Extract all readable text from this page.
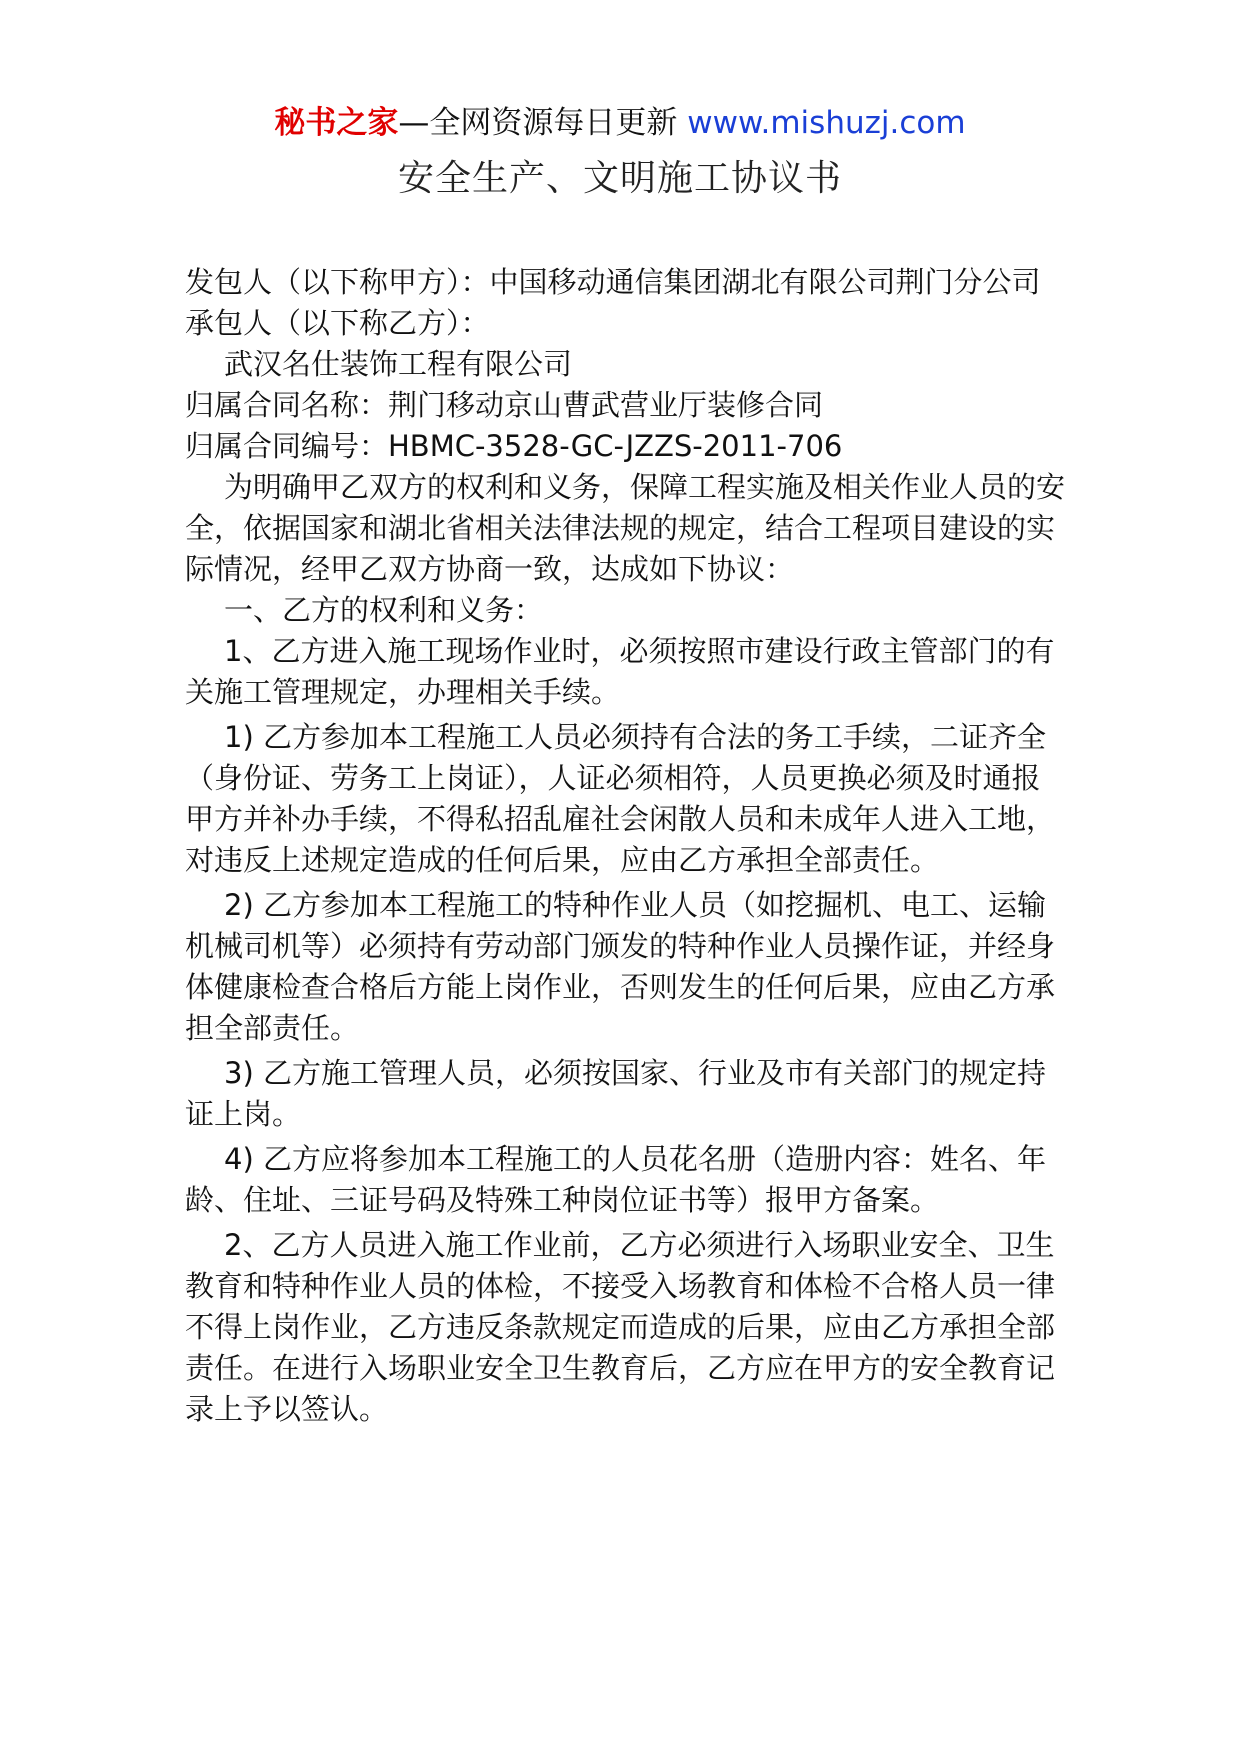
秘书之家—全网资源每日更新 www.mishuzj.com
安全生产、文明施工协议书

发包人（以下称甲方）：中国移动通信集团湖北有限公司荆门分公司

承包人（以下称乙方）：

武汉名仕装饰工程有限公司

归属合同名称：荆门移动京山曹武营业厅装修合同

归属合同编号：HBMC-3528-GC-JZZS-2011-706

为明确甲乙双方的权利和义务，保障工程实施及相关作业人员的安全，依据国家和湖北省相关法律法规的规定，结合工程项目建设的实际情况，经甲乙双方协商一致，达成如下协议：

一、乙方的权利和义务：

1、乙方进入施工现场作业时，必须按照市建设行政主管部门的有关施工管理规定，办理相关手续。

1) 乙方参加本工程施工人员必须持有合法的务工手续，二证齐全（身份证、劳务工上岗证），人证必须相符，人员更换必须及时通报甲方并补办手续，不得私招乱雇社会闲散人员和未成年人进入工地，对违反上述规定造成的任何后果，应由乙方承担全部责任。

2) 乙方参加本工程施工的特种作业人员（如挖掘机、电工、运输机械司机等）必须持有劳动部门颁发的特种作业人员操作证，并经身体健康检查合格后方能上岗作业，否则发生的任何后果，应由乙方承担全部责任。

3) 乙方施工管理人员，必须按国家、行业及市有关部门的规定持证上岗。

4) 乙方应将参加本工程施工的人员花名册（造册内容：姓名、年龄、住址、三证号码及特殊工种岗位证书等）报甲方备案。

2、乙方人员进入施工作业前，乙方必须进行入场职业安全、卫生教育和特种作业人员的体检，不接受入场教育和体检不合格人员一律不得上岗作业，乙方违反条款规定而造成的后果，应由乙方承担全部责任。在进行入场职业安全卫生教育后，乙方应在甲方的安全教育记录上予以签认。
